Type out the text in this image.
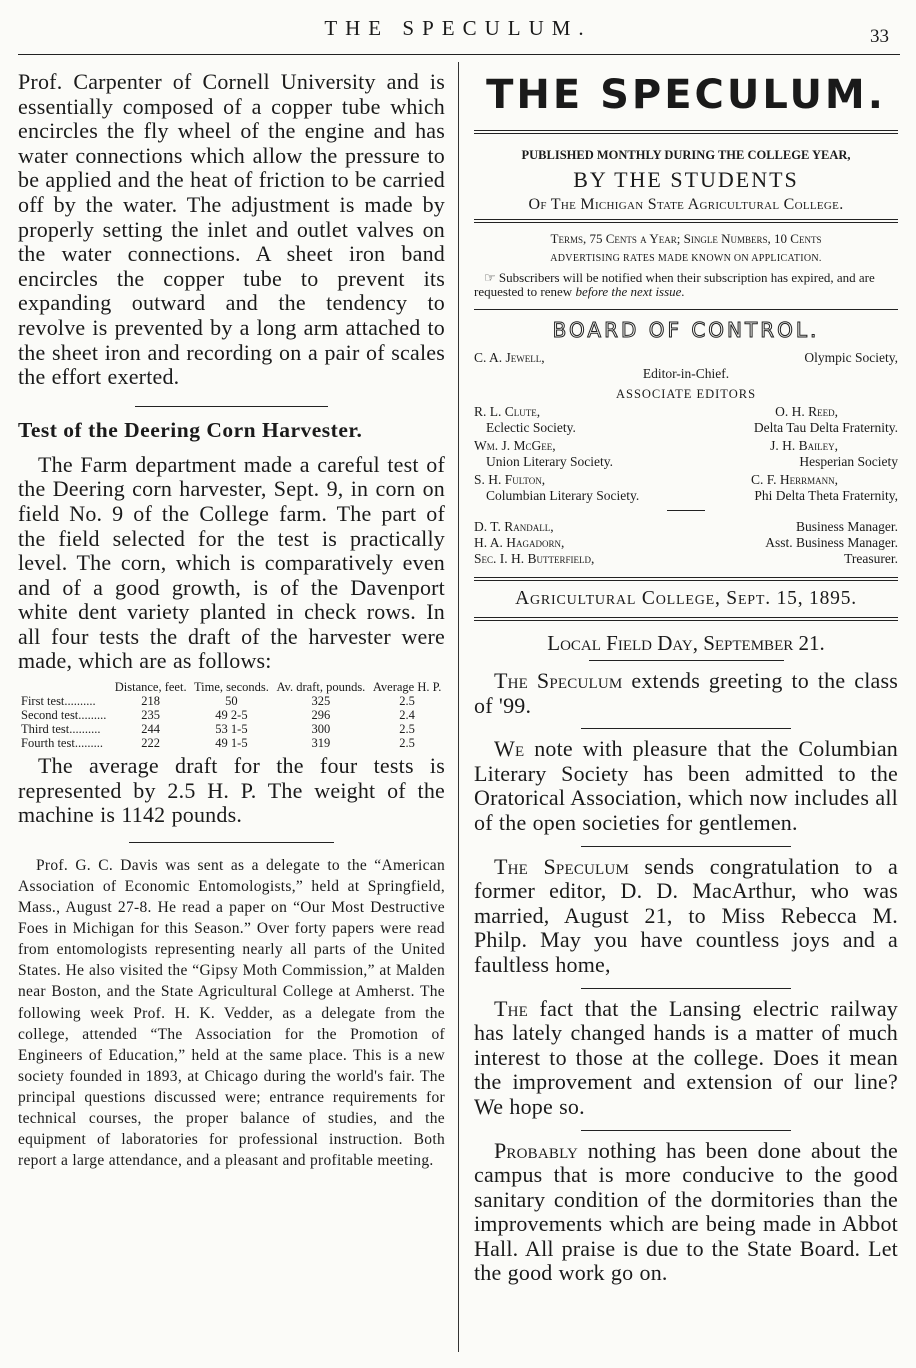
THE SPECULUM.	33
Prof. Carpenter of Cornell University and is essentially composed of a copper tube which encircles the fly wheel of the engine and has water connections which allow the pressure to be applied and the heat of friction to be carried off by the water. The adjustment is made by properly setting the inlet and outlet valves on the water connections. A sheet iron band encircles the copper tube to prevent its expanding outward and the tendency to revolve is prevented by a long arm attached to the sheet iron and recording on a pair of scales the effort exerted.
Test of the Deering Corn Harvester.
The Farm department made a careful test of the Deering corn harvester, Sept. 9, in corn on field No. 9 of the College farm. The part of the field selected for the test is practically level. The corn, which is comparatively even and of a good growth, is of the Davenport white dent variety planted in check rows. In all four tests the draft of the harvester were made, which are as follows:
	Distance, feet.	Time, seconds.	Av. draft, pounds.	Average H. P.
First test..........	218	50	325	2.5
Second test.........	235	49 2-5	296	2.4
Third test..........	244	53 1-5	300	2.5
Fourth test.........	222	49 1-5	319	2.5
The average draft for the four tests is represented by 2.5 H. P. The weight of the machine is 1142 pounds.
Prof. G. C. Davis was sent as a delegate to the “American Association of Economic Entomologists,” held at Springfield, Mass., August 27-8. He read a paper on “Our Most Destructive Foes in Michigan for this Season.” Over forty papers were read from entomologists representing nearly all parts of the United States. He also visited the “Gipsy Moth Commission,” at Malden near Boston, and the State Agricultural College at Amherst. The following week Prof. H. K. Vedder, as a delegate from the college, attended “The Association for the Promotion of Engineers of Education,” held at the same place. This is a new society founded in 1893, at Chicago during the world's fair. The principal questions discussed were; entrance requirements for technical courses, the proper balance of studies, and the equipment of laboratories for professional instruction. Both report a large attendance, and a pleasant and profitable meeting.
THE SPECULUM.
PUBLISHED MONTHLY DURING THE COLLEGE YEAR,
BY THE STUDENTS
Of The Michigan State Agricultural College.
Terms, 75 Cents a Year; Single Numbers, 10 Cents
ADVERTISING RATES MADE KNOWN ON APPLICATION.
☞ Subscribers will be notified when their subscription has expired, and are requested to renew before the next issue.
BOARD OF CONTROL.
C. A. Jewell,	Olympic Society,
Editor-in-Chief.
ASSOCIATE EDITORS
R. L. Clute,	O. H. Reed,
Eclectic Society.	Delta Tau Delta Fraternity.
Wm. J. McGee,	J. H. Bailey,
Union Literary Society.	Hesperian Society
S. H. Fulton,	C. F. Herrmann,
Columbian Literary Society.	Phi Delta Theta Fraternity,
D. T. Randall,	Business Manager.
H. A. Hagadorn,	Asst. Business Manager.
Sec. I. H. Butterfield,	Treasurer.
Agricultural College, Sept. 15, 1895.
Local Field Day, September 21.
The Speculum extends greeting to the class of '99.
We note with pleasure that the Columbian Literary Society has been admitted to the Oratorical Association, which now includes all of the open societies for gentlemen.
The Speculum sends congratulation to a former editor, D. D. MacArthur, who was married, August 21, to Miss Rebecca M. Philp. May you have countless joys and a faultless home,
The fact that the Lansing electric railway has lately changed hands is a matter of much interest to those at the college. Does it mean the improvement and extension of our line? We hope so.
Probably nothing has been done about the campus that is more conducive to the good sanitary condition of the dormitories than the improvements which are being made in Abbot Hall. All praise is due to the State Board. Let the good work go on.
